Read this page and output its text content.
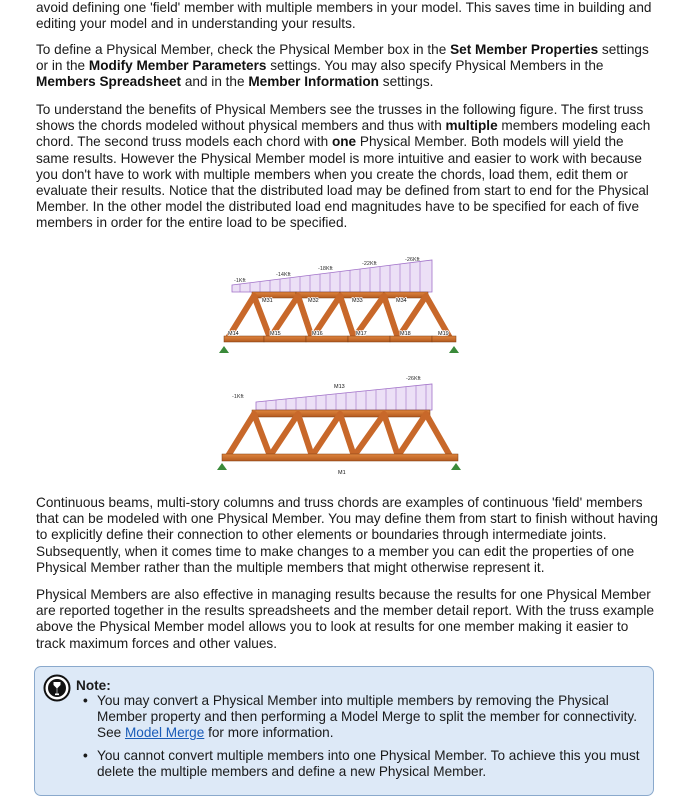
avoid defining one 'field' member with multiple members in your model. This saves time in building and editing your model and in understanding your results.

To define a Physical Member, check the Physical Member box in the Set Member Properties settings or in the Modify Member Parameters settings. You may also specify Physical Members in the Members Spreadsheet and in the Member Information settings.

To understand the benefits of Physical Members see the trusses in the following figure. The first truss shows the chords modeled without physical members and thus with multiple members modeling each chord. The second truss models each chord with one Physical Member. Both models will yield the same results. However the Physical Member model is more intuitive and easier to work with because you don't have to work with multiple members when you create the chords, load them, edit them or evaluate their results. Notice that the distributed load may be defined from start to end for the Physical Member. In the other model the distributed load end magnitudes have to be specified for each of five members in order for the entire load to be specified.

-1Kft
-14Kft
-18Kft
-22Kft
-26Kft
M31	M32	M33	M34
M14	M15	M16	M17	M18	M19
-1Kft
-26Kft
M13
M1

Continuous beams, multi-story columns and truss chords are examples of continuous 'field' members that can be modeled with one Physical Member. You may define them from start to finish without having to explicitly define their connection to other elements or boundaries through intermediate joints. Subsequently, when it comes time to make changes to a member you can edit the properties of one Physical Member rather than the multiple members that might otherwise represent it.

Physical Members are also effective in managing results because the results for one Physical Member are reported together in the results spreadsheets and the member detail report. With the truss example above the Physical Member model allows you to look at results for one member making it easier to track maximum forces and other values.

Note:
• You may convert a Physical Member into multiple members by removing the Physical Member property and then performing a Model Merge to split the member for connectivity. See Model Merge for more information.
• You cannot convert multiple members into one Physical Member. To achieve this you must delete the multiple members and define a new Physical Member.
